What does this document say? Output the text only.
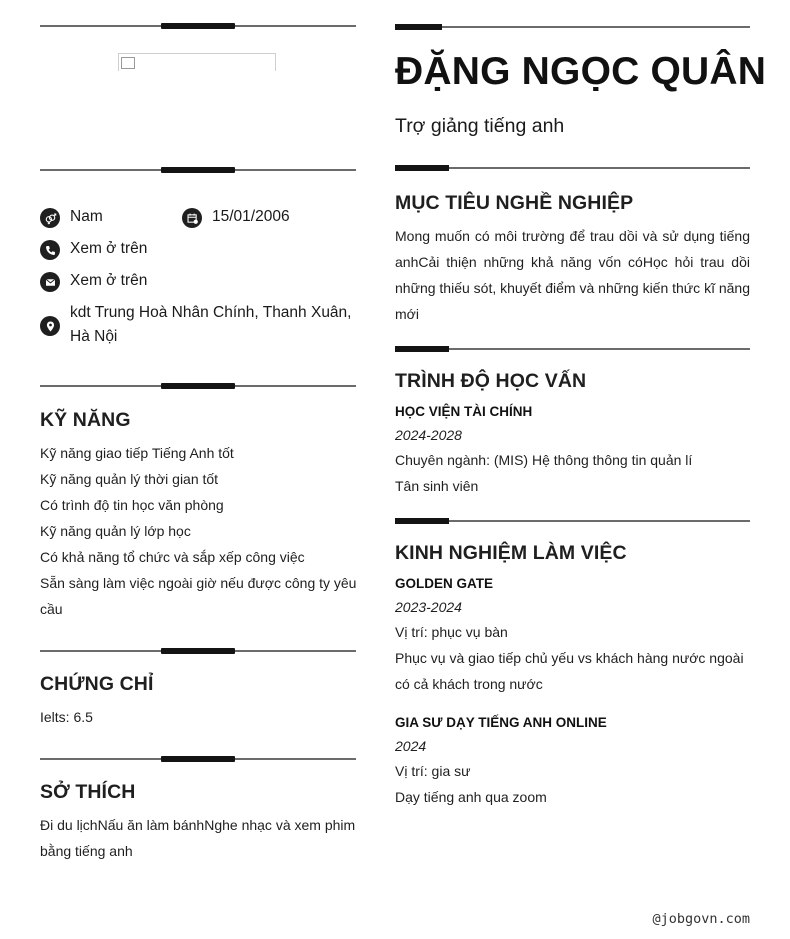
Nam	15/01/2006
Xem ở trên
Xem ở trên
kdt Trung Hoà Nhân Chính, Thanh Xuân, Hà Nội
KỸ NĂNG
Kỹ năng giao tiếp Tiếng Anh tốt
Kỹ năng quản lý thời gian tốt
Có trình độ tin học văn phòng
Kỹ năng quản lý lớp học
Có khả năng tổ chức và sắp xếp công việc
Sẵn sàng làm việc ngoài giờ nếu được công ty yêu cầu
CHỨNG CHỈ
Ielts: 6.5
SỞ THÍCH
Đi du lịchNấu ăn làm bánhNghe nhạc và xem phim bằng tiếng anh
ĐẶNG NGỌC QUÂN
Trợ giảng tiếng anh
MỤC TIÊU NGHỀ NGHIỆP
Mong muốn có môi trường để trau dồi và sử dụng tiếng anhCải thiện những khả năng vốn cóHọc hỏi trau dồi những thiếu sót, khuyết điểm và những kiến thức kĩ năng mới
TRÌNH ĐỘ HỌC VẤN
HỌC VIỆN TÀI CHÍNH
2024-2028
Chuyên ngành: (MIS) Hệ thông thông tin quản lí
Tân sinh viên
KINH NGHIỆM LÀM VIỆC
GOLDEN GATE
2023-2024
Vị trí: phục vụ bàn
Phục vụ và giao tiếp chủ yếu vs khách hàng nước ngoài có cả khách trong nước
GIA SƯ DẠY TIẾNG ANH ONLINE
2024
Vị trí: gia sư
Dạy tiếng anh qua zoom
@jobgovn.com
